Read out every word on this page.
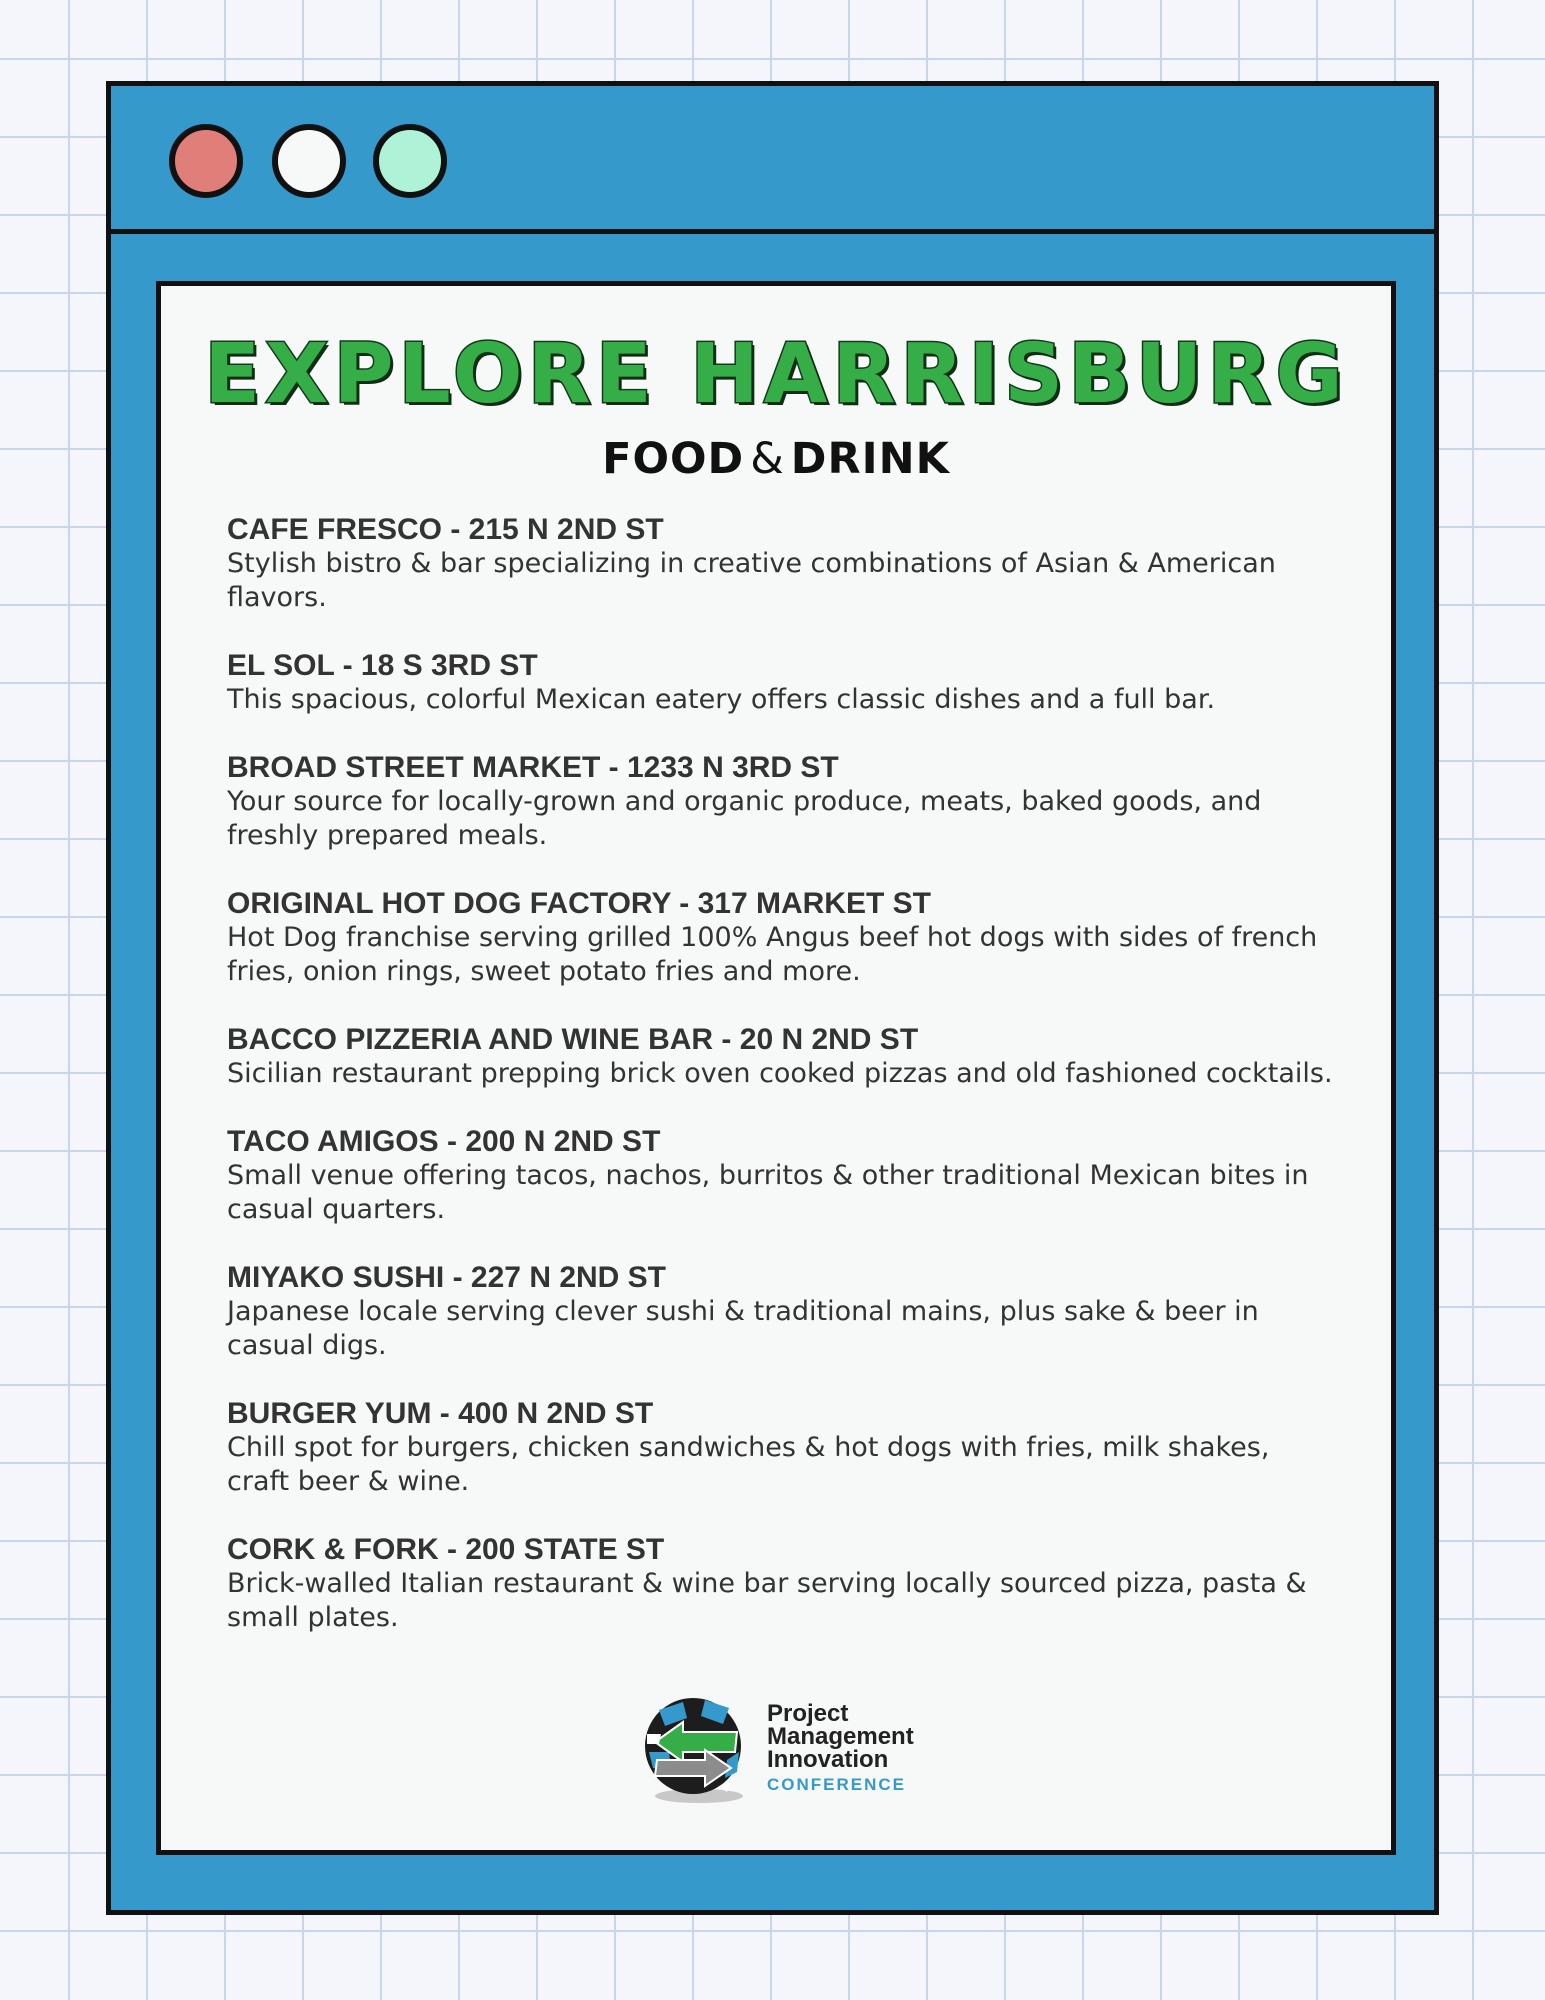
EXPLORE HARRISBURG
FOOD & DRINK
CAFE FRESCO - 215 N 2ND ST
Stylish bistro & bar specializing in creative combinations of Asian & American flavors.
EL SOL - 18 S 3RD ST
This spacious, colorful Mexican eatery offers classic dishes and a full bar.
BROAD STREET MARKET - 1233 N 3RD ST
Your source for locally-grown and organic produce, meats, baked goods, and freshly prepared meals.
ORIGINAL HOT DOG FACTORY - 317 MARKET ST
Hot Dog franchise serving grilled 100% Angus beef hot dogs with sides of french fries, onion rings, sweet potato fries and more.
BACCO PIZZERIA AND WINE BAR - 20 N 2ND ST
Sicilian restaurant prepping brick oven cooked pizzas and old fashioned cocktails.
TACO AMIGOS - 200 N 2ND ST
Small venue offering tacos, nachos, burritos & other traditional Mexican bites in casual quarters.
MIYAKO SUSHI - 227 N 2ND ST
Japanese locale serving clever sushi & traditional mains, plus sake & beer in casual digs.
BURGER YUM - 400 N 2ND ST
Chill spot for burgers, chicken sandwiches & hot dogs with fries, milk shakes, craft beer & wine.
CORK & FORK - 200 STATE ST
Brick-walled Italian restaurant & wine bar serving locally sourced pizza, pasta & small plates.
Project
Management
Innovation
CONFERENCE
